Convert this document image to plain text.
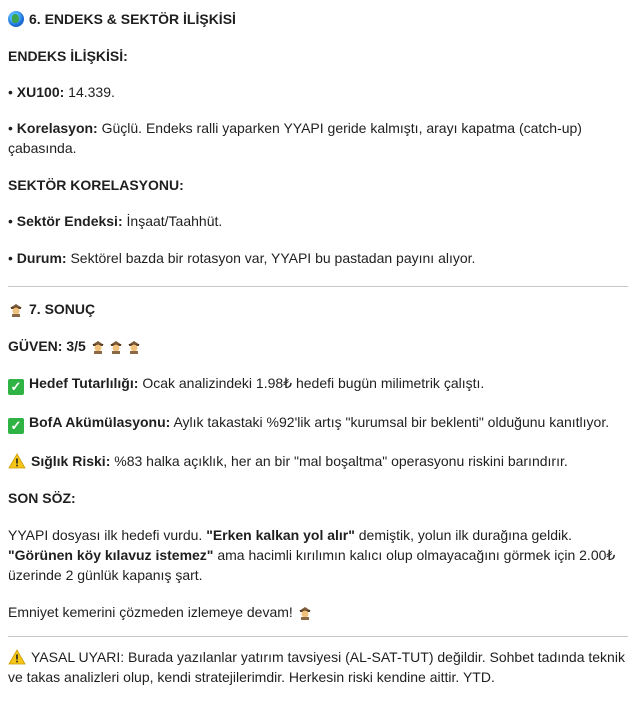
6. ENDEKS & SEKTÖR İLİŞKİSİ

ENDEKS İLİŞKİSİ:

• XU100: 14.339.

• Korelasyon: Güçlü. Endeks ralli yaparken YYAPI geride kalmıştı, arayı kapatma (catch-up) çabasında.

SEKTÖR KORELASYONU:

• Sektör Endeksi: İnşaat/Taahhüt.

• Durum: Sektörel bazda bir rotasyon var, YYAPI bu pastadan payını alıyor.

7. SONUÇ

GÜVEN: 3/5

✓ Hedef Tutarlılığı: Ocak analizindeki 1.98₺ hedefi bugün milimetrik çalıştı.

✓ BofA Akümülasyonu: Aylık takastaki %92'lik artış "kurumsal bir beklenti" olduğunu kanıtlıyor.

Sığlık Riski: %83 halka açıklık, her an bir "mal boşaltma" operasyonu riskini barındırır.

SON SÖZ:

YYAPI dosyası ilk hedefi vurdu. "Erken kalkan yol alır" demiştik, yolun ilk durağına geldik.
"Görünen köy kılavuz istemez" ama hacimli kırılımın kalıcı olup olmayacağını görmek için 2.00₺ üzerinde 2 günlük kapanış şart.

Emniyet kemerini çözmeden izlemeye devam!

YASAL UYARI: Burada yazılanlar yatırım tavsiyesi (AL-SAT-TUT) değildir. Sohbet tadında teknik ve takas analizleri olup, kendi stratejilerimdir. Herkesin riski kendine aittir. YTD.
